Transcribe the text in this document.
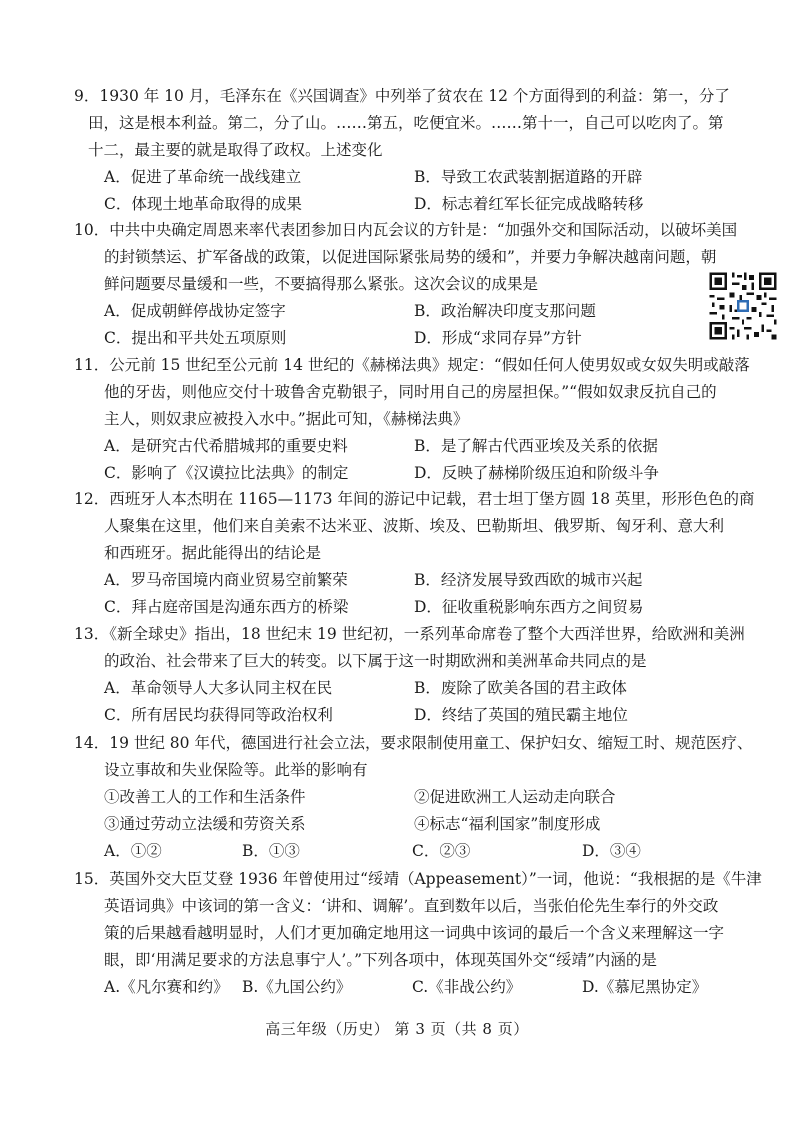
9．1930 年 10 月，毛泽东在《兴国调查》中列举了贫农在 12 个方面得到的利益：第一，分了
田，这是根本利益。第二，分了山。……第五，吃便宜米。……第十一，自己可以吃肉了。第
十二，最主要的就是取得了政权。上述变化
A．促进了革命统一战线建立	B．导致工农武装割据道路的开辟
C．体现土地革命取得的成果	D．标志着红军长征完成战略转移
10．中共中央确定周恩来率代表团参加日内瓦会议的方针是：“加强外交和国际活动，以破坏美国
的封锁禁运、扩军备战的政策，以促进国际紧张局势的缓和”，并要力争解决越南问题，朝
鲜问题要尽量缓和一些，不要搞得那么紧张。这次会议的成果是
A．促成朝鲜停战协定签字	B．政治解决印度支那问题
C．提出和平共处五项原则	D．形成“求同存异”方针
11．公元前 15 世纪至公元前 14 世纪的《赫梯法典》规定：“假如任何人使男奴或女奴失明或敲落
他的牙齿，则他应交付十玻鲁舍克勒银子，同时用自己的房屋担保。”“假如奴隶反抗自己的
主人，则奴隶应被投入水中。”据此可知，《赫梯法典》
A．是研究古代希腊城邦的重要史料	B．是了解古代西亚埃及关系的依据
C．影响了《汉谟拉比法典》的制定	D．反映了赫梯阶级压迫和阶级斗争
12．西班牙人本杰明在 1165—1173 年间的游记中记载，君士坦丁堡方圆 18 英里，形形色色的商
人聚集在这里，他们来自美索不达米亚、波斯、埃及、巴勒斯坦、俄罗斯、匈牙利、意大利
和西班牙。据此能得出的结论是
A．罗马帝国境内商业贸易空前繁荣	B．经济发展导致西欧的城市兴起
C．拜占庭帝国是沟通东西方的桥梁	D．征收重税影响东西方之间贸易
13．《新全球史》指出，18 世纪末 19 世纪初，一系列革命席卷了整个大西洋世界，给欧洲和美洲
的政治、社会带来了巨大的转变。以下属于这一时期欧洲和美洲革命共同点的是
A．革命领导人大多认同主权在民	B．废除了欧美各国的君主政体
C．所有居民均获得同等政治权利	D．终结了英国的殖民霸主地位
14．19 世纪 80 年代，德国进行社会立法，要求限制使用童工、保护妇女、缩短工时、规范医疗、
设立事故和失业保险等。此举的影响有
①改善工人的工作和生活条件	②促进欧洲工人运动走向联合
③通过劳动立法缓和劳资关系	④标志“福利国家”制度形成
A．①②	B．①③	C．②③	D．③④
15．英国外交大臣艾登 1936 年曾使用过“绥靖（Appeasement）”一词，他说：“我根据的是《牛津
英语词典》中该词的第一含义：‘讲和、调解’。直到数年以后，当张伯伦先生奉行的外交政
策的后果越看越明显时，人们才更加确定地用这一词典中该词的最后一个含义来理解这一字
眼，即‘用满足要求的方法息事宁人’。”下列各项中，体现英国外交“绥靖”内涵的是
A.《凡尔赛和约》 B.《九国公约》	C.《非战公约》	D.《慕尼黑协定》
高三年级（历史） 第 3 页（共 8 页）
